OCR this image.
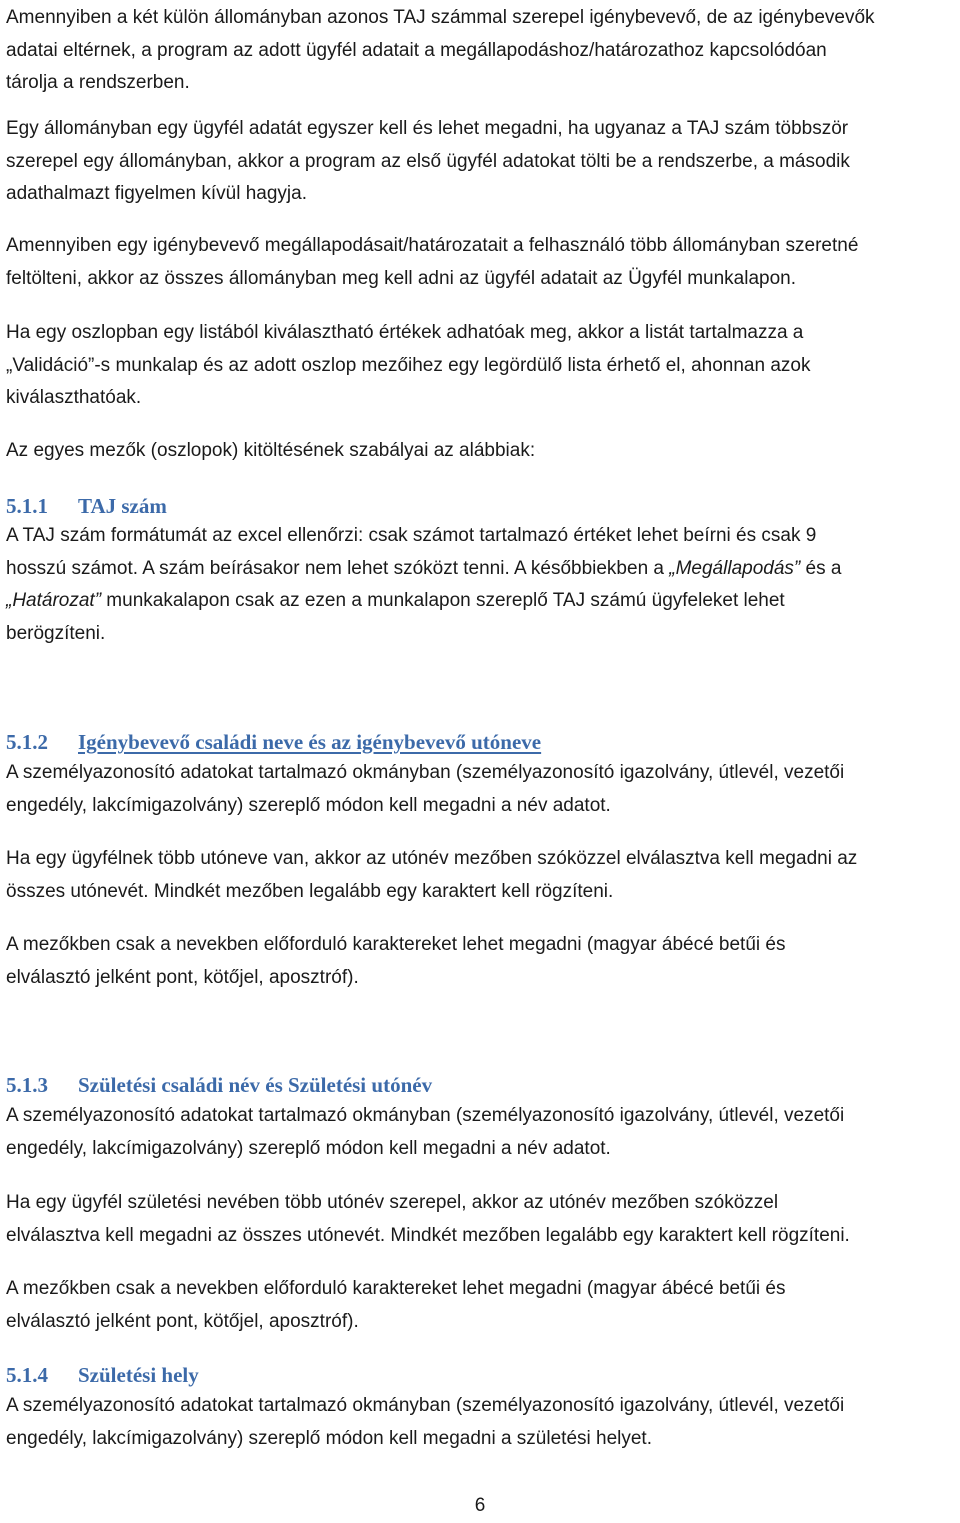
Amennyiben a két külön állományban azonos TAJ számmal szerepel igénybevevő, de az igénybevevők
adatai eltérnek, a program az adott ügyfél adatait a megállapodáshoz/határozathoz kapcsolódóan
tárolja a rendszerben.
Egy állományban egy ügyfél adatát egyszer kell és lehet megadni, ha ugyanaz a TAJ szám többször
szerepel egy állományban, akkor a program az első ügyfél adatokat tölti be a rendszerbe, a második
adathalmazt figyelmen kívül hagyja.
Amennyiben egy igénybevevő megállapodásait/határozatait a felhasználó több állományban szeretné
feltölteni, akkor az összes állományban meg kell adni az ügyfél adatait az Ügyfél munkalapon.
Ha egy oszlopban egy listából kiválasztható értékek adhatóak meg, akkor a listát tartalmazza a
„Validáció”-s munkalap és az adott oszlop mezőihez egy legördülő lista érhető el, ahonnan azok
kiválaszthatóak.
Az egyes mezők (oszlopok) kitöltésének szabályai az alábbiak:
5.1.1 TAJ szám
A TAJ szám formátumát az excel ellenőrzi: csak számot tartalmazó értéket lehet beírni és csak 9
hosszú számot. A szám beírásakor nem lehet szóközt tenni. A későbbiekben a „Megállapodás” és a
„Határozat” munkakalapon csak az ezen a munkalapon szereplő TAJ számú ügyfeleket lehet
berögzíteni.
5.1.2 Igénybevevő családi neve és az igénybevevő utóneve
A személyazonosító adatokat tartalmazó okmányban (személyazonosító igazolvány, útlevél, vezetői
engedély, lakcímigazolvány) szereplő módon kell megadni a név adatot.
Ha egy ügyfélnek több utóneve van, akkor az utónév mezőben szóközzel elválasztva kell megadni az
összes utónevét. Mindkét mezőben legalább egy karaktert kell rögzíteni.
A mezőkben csak a nevekben előforduló karaktereket lehet megadni (magyar ábécé betűi és
elválasztó jelként pont, kötőjel, aposztróf).
5.1.3 Születési családi név és Születési utónév
A személyazonosító adatokat tartalmazó okmányban (személyazonosító igazolvány, útlevél, vezetői
engedély, lakcímigazolvány) szereplő módon kell megadni a név adatot.
Ha egy ügyfél születési nevében több utónév szerepel, akkor az utónév mezőben szóközzel
elválasztva kell megadni az összes utónevét. Mindkét mezőben legalább egy karaktert kell rögzíteni.
A mezőkben csak a nevekben előforduló karaktereket lehet megadni (magyar ábécé betűi és
elválasztó jelként pont, kötőjel, aposztróf).
5.1.4 Születési hely
A személyazonosító adatokat tartalmazó okmányban (személyazonosító igazolvány, útlevél, vezetői
engedély, lakcímigazolvány) szereplő módon kell megadni a születési helyet.
6
